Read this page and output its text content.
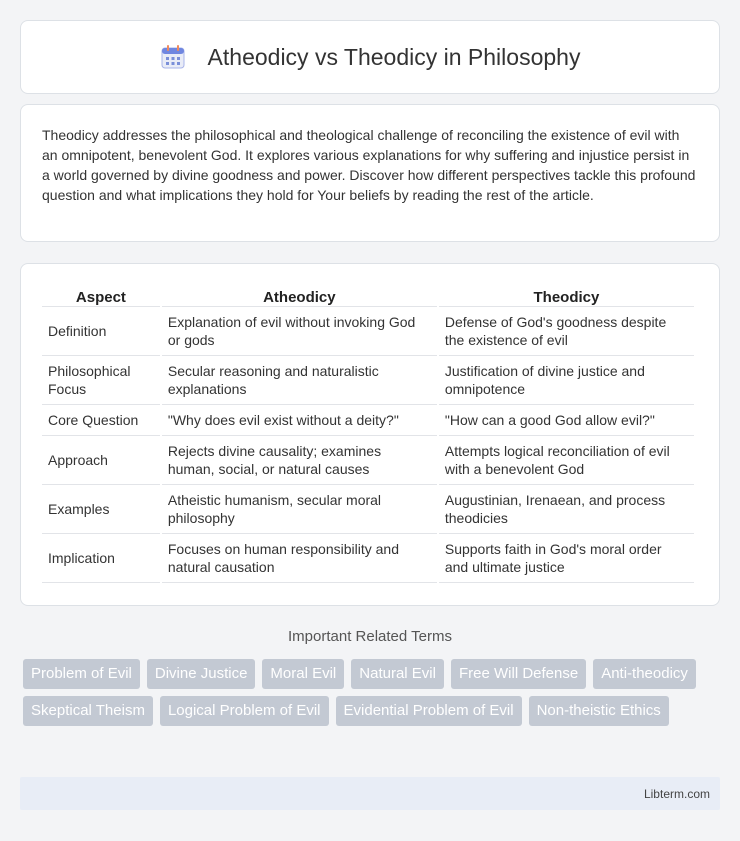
Atheodicy vs Theodicy in Philosophy

Theodicy addresses the philosophical and theological challenge of reconciling the existence of evil with an omnipotent, benevolent God. It explores various explanations for why suffering and injustice persist in a world governed by divine goodness and power. Discover how different perspectives tackle this profound question and what implications they hold for Your beliefs by reading the rest of the article.

Aspect	Atheodicy	Theodicy
Definition	Explanation of evil without invoking God or gods	Defense of God's goodness despite the existence of evil
Philosophical Focus	Secular reasoning and naturalistic explanations	Justification of divine justice and omnipotence
Core Question	"Why does evil exist without a deity?"	"How can a good God allow evil?"
Approach	Rejects divine causality; examines human, social, or natural causes	Attempts logical reconciliation of evil with a benevolent God
Examples	Atheistic humanism, secular moral philosophy	Augustinian, Irenaean, and process theodicies
Implication	Focuses on human responsibility and natural causation	Supports faith in God's moral order and ultimate justice
Important Related Terms
Problem of Evil	Divine Justice	Moral Evil	Natural Evil	Free Will Defense	Anti-theodicy
Skeptical Theism	Logical Problem of Evil	Evidential Problem of Evil	Non-theistic Ethics
Libterm.com
